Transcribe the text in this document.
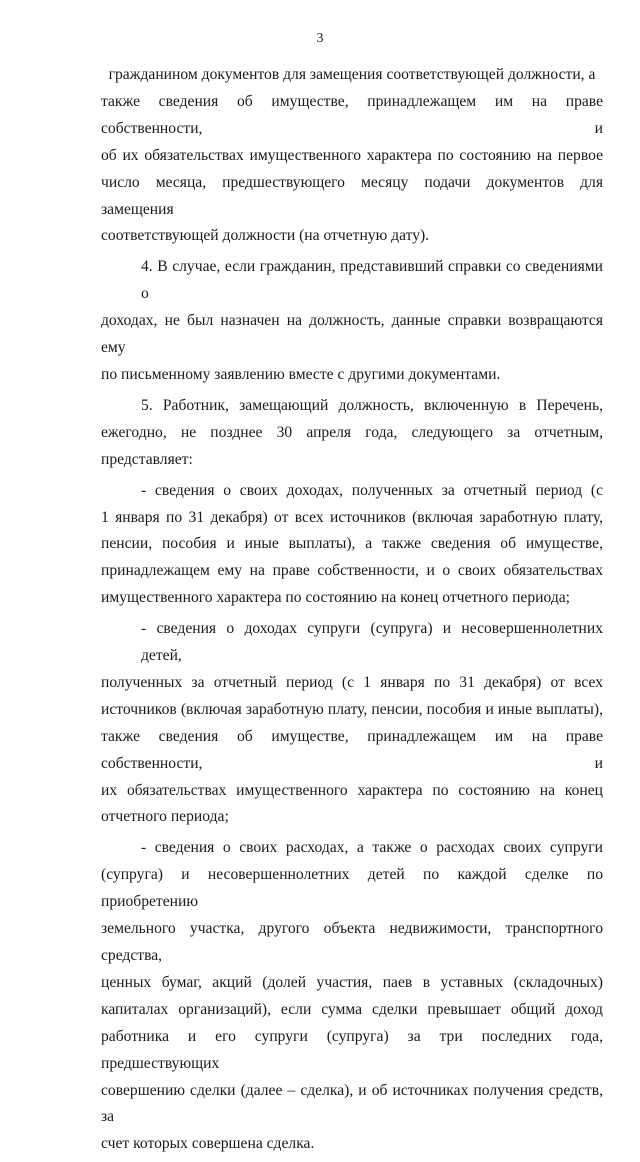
3

гражданином документов для замещения соответствующей должности, а
также сведения об имуществе, принадлежащем им на праве собственности, и
об их обязательствах имущественного характера по состоянию на первое
число месяца, предшествующего месяцу подачи документов для замещения
соответствующей должности (на отчетную дату).

4. В случае, если гражданин, представивший справки со сведениями о
доходах, не был назначен на должность, данные справки возвращаются ему
по письменному заявлению вместе с другими документами.

5. Работник, замещающий должность, включенную в Перечень,
ежегодно, не позднее 30 апреля года, следующего за отчетным, представляет:

- сведения о своих доходах, полученных за отчетный период (с
1 января по 31 декабря) от всех источников (включая заработную плату,
пенсии, пособия и иные выплаты), а также сведения об имуществе,
принадлежащем ему на праве собственности, и о своих обязательствах
имущественного характера по состоянию на конец отчетного периода;

- сведения о доходах супруги (супруга) и несовершеннолетних детей,
полученных за отчетный период (с 1 января по 31 декабря) от всех
источников (включая заработную плату, пенсии, пособия и иные выплаты),
также сведения об имуществе, принадлежащем им на праве собственности, и
их обязательствах имущественного характера по состоянию на конец
отчетного периода;

- сведения о своих расходах, а также о расходах своих супруги
(супруга) и несовершеннолетних детей по каждой сделке по приобретению
земельного участка, другого объекта недвижимости, транспортного средства,
ценных бумаг, акций (долей участия, паев в уставных (складочных)
капиталах организаций), если сумма сделки превышает общий доход
работника и его супруги (супруга) за три последних года, предшествующих
совершению сделки (далее – сделка), и об источниках получения средств, за
счет которых совершена сделка.
